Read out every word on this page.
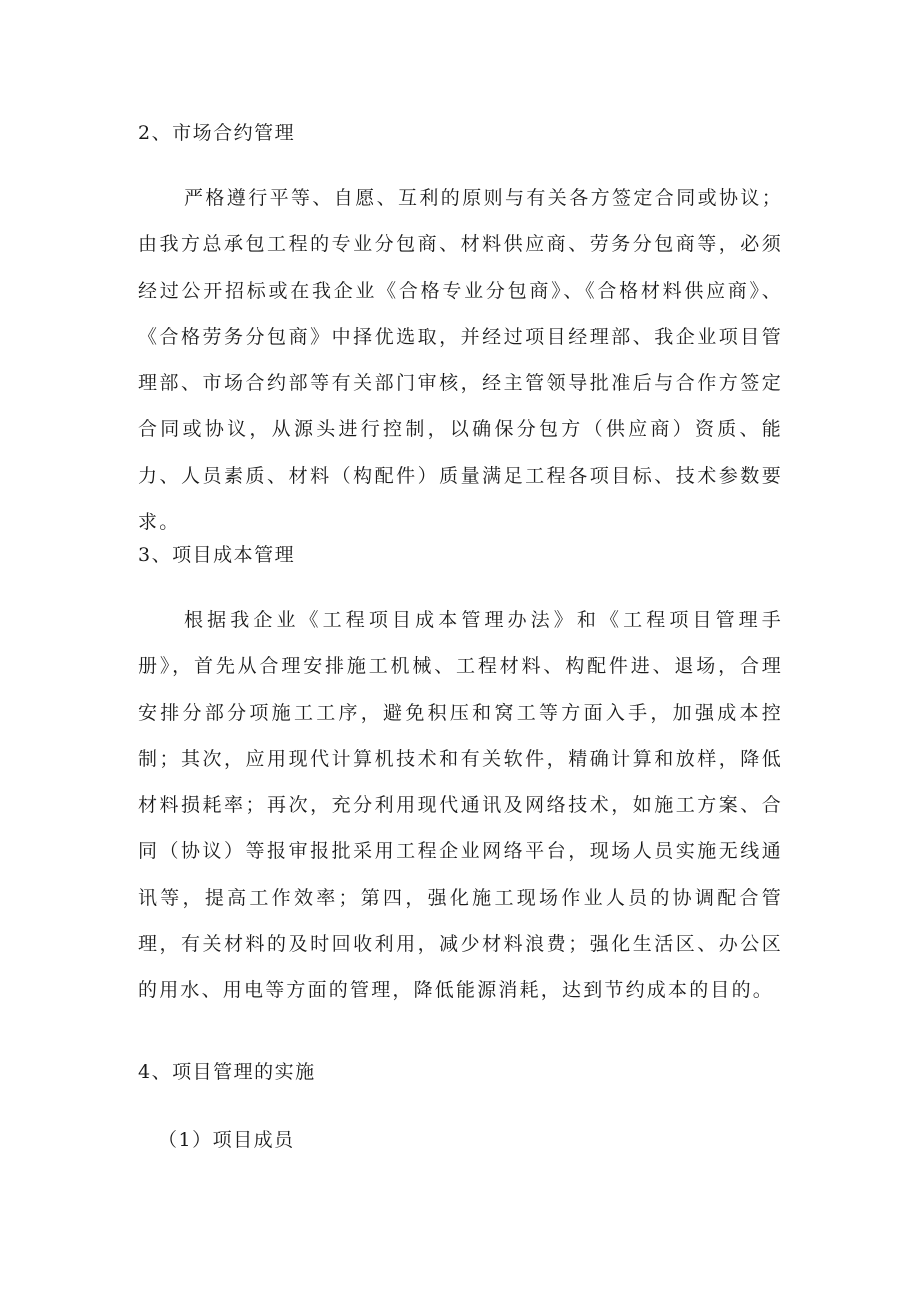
2、市场合约管理

严格遵行平等、自愿、互利的原则与有关各方签定合同或协议；由我方总承包工程的专业分包商、材料供应商、劳务分包商等，必须经过公开招标或在我企业《合格专业分包商》、《合格材料供应商》、《合格劳务分包商》中择优选取，并经过项目经理部、我企业项目管理部、市场合约部等有关部门审核，经主管领导批准后与合作方签定合同或协议，从源头进行控制，以确保分包方（供应商）资质、能力、人员素质、材料（构配件）质量满足工程各项目标、技术参数要求。

3、项目成本管理

根据我企业《工程项目成本管理办法》和《工程项目管理手册》，首先从合理安排施工机械、工程材料、构配件进、退场，合理安排分部分项施工工序，避免积压和窝工等方面入手，加强成本控制；其次，应用现代计算机技术和有关软件，精确计算和放样，降低材料损耗率；再次，充分利用现代通讯及网络技术，如施工方案、合同（协议）等报审报批采用工程企业网络平台，现场人员实施无线通讯等，提高工作效率；第四，强化施工现场作业人员的协调配合管理，有关材料的及时回收利用，减少材料浪费；强化生活区、办公区的用水、用电等方面的管理，降低能源消耗，达到节约成本的目的。

4、项目管理的实施
（1）项目成员
